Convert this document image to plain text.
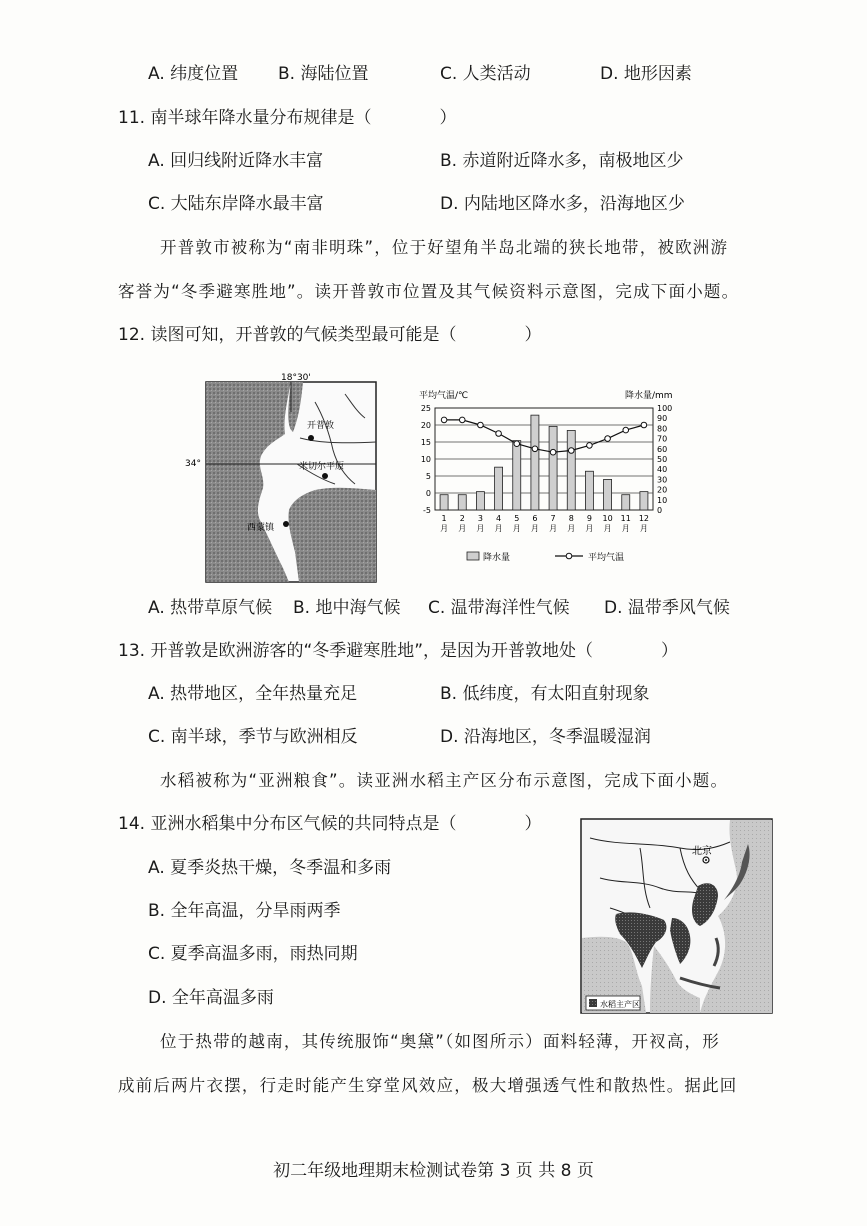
A. 纬度位置 B. 海陆位置	C. 人类活动	D. 地形因素
11. 南半球年降水量分布规律是（　　　　）
A. 回归线附近降水丰富	B. 赤道附近降水多，南极地区少
C. 大陆东岸降水最丰富	D. 内陆地区降水多，沿海地区少
开普敦市被称为“南非明珠”，位于好望角半岛北端的狭长地带，被欧洲游
客誉为“冬季避寒胜地”。读开普敦市位置及其气候资料示意图，完成下面小题。
12. 读图可知，开普敦的气候类型最可能是（　　　　）
18°30'
34°
开普敦
米切尔平原
西蒙镇
平均气温/℃	降水量/mm
25
20
15
10
5
0
-5
100
90
80
70
60
50
40
30
20
10
0
1
月
2
月
3
月
4
月
5
月
6
月
7
月
8
月
9
月
10
月
11
月
12
月
降水量	平均气温
A. 热带草原气候 B. 地中海气候 C. 温带海洋性气候 D. 温带季风气候
13. 开普敦是欧洲游客的“冬季避寒胜地”，是因为开普敦地处（　　　　）
A. 热带地区，全年热量充足	B. 低纬度，有太阳直射现象
C. 南半球，季节与欧洲相反	D. 沿海地区，冬季温暖湿润
水稻被称为“亚洲粮食”。读亚洲水稻主产区分布示意图，完成下面小题。
14. 亚洲水稻集中分布区气候的共同特点是（　　　　）
A. 夏季炎热干燥，冬季温和多雨
B. 全年高温，分旱雨两季
C. 夏季高温多雨，雨热同期
D. 全年高温多雨
北京
水稻主产区
位于热带的越南，其传统服饰“奥黛”（如图所示）面料轻薄，开衩高，形
成前后两片衣摆，行走时能产生穿堂风效应，极大增强透气性和散热性。据此回
初二年级地理期末检测试卷第 3 页 共 8 页
